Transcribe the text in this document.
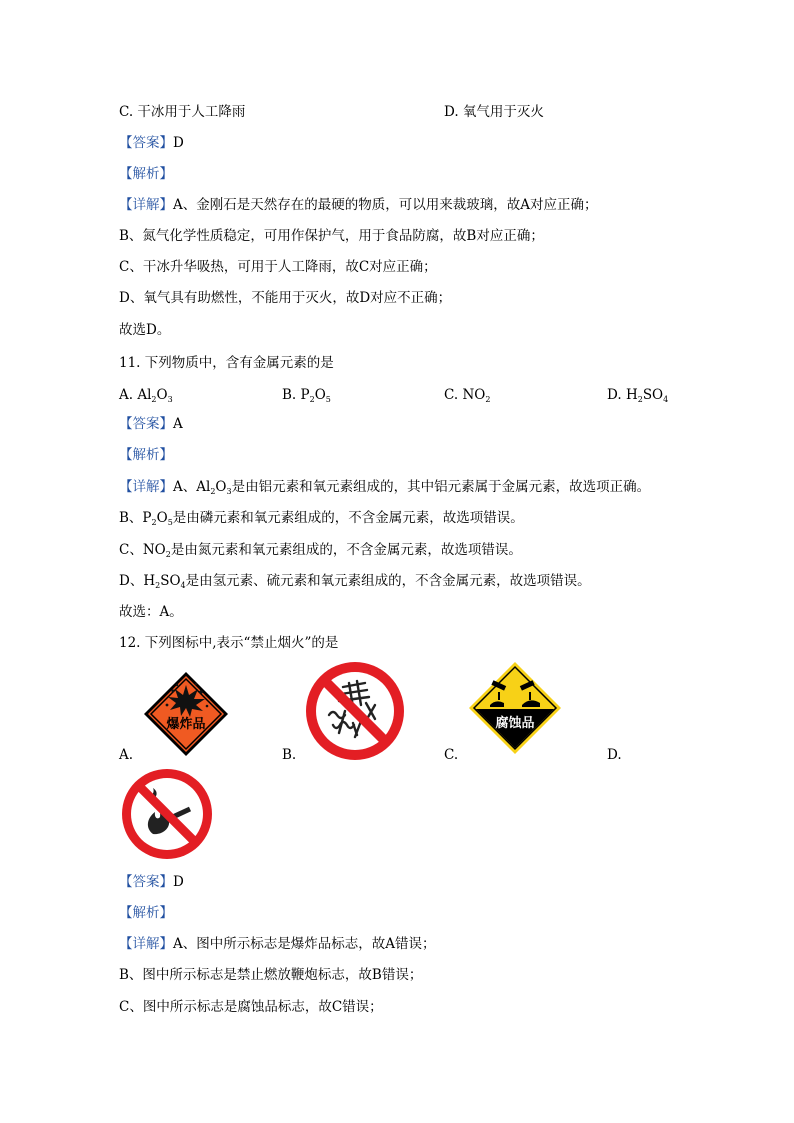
C. 干冰用于人工降雨	D. 氧气用于灭火
【答案】D
【解析】
【详解】A、金刚石是天然存在的最硬的物质，可以用来裁玻璃，故A对应正确；
B、氮气化学性质稳定，可用作保护气，用于食品防腐，故B对应正确；
C、干冰升华吸热，可用于人工降雨，故C对应正确；
D、氧气具有助燃性，不能用于灭火，故D对应不正确；
故选D。
11. 下列物质中，含有金属元素的是
A. $Al_2O_3$	B. $P_2O_5$	C. $NO_2$	D. $H_2SO_4$
【答案】A
【解析】
【详解】A、$Al_2O_3$是由铝元素和氧元素组成的，其中铝元素属于金属元素，故选项正确。
B、$P_2O_5$是由磷元素和氧元素组成的，不含金属元素，故选项错误。
C、$NO_2$是由氮元素和氧元素组成的，不含金属元素，故选项错误。
D、$H_2SO_4$是由氢元素、硫元素和氧元素组成的，不含金属元素，故选项错误。
故选：A。
12. 下列图标中,表示“禁止烟火”的是
爆炸品
A.	B.
腐蚀品
C.	D.
【答案】D
【解析】
【详解】A、图中所示标志是爆炸品标志，故A错误；
B、图中所示标志是禁止燃放鞭炮标志，故B错误；
C、图中所示标志是腐蚀品标志，故C错误；
